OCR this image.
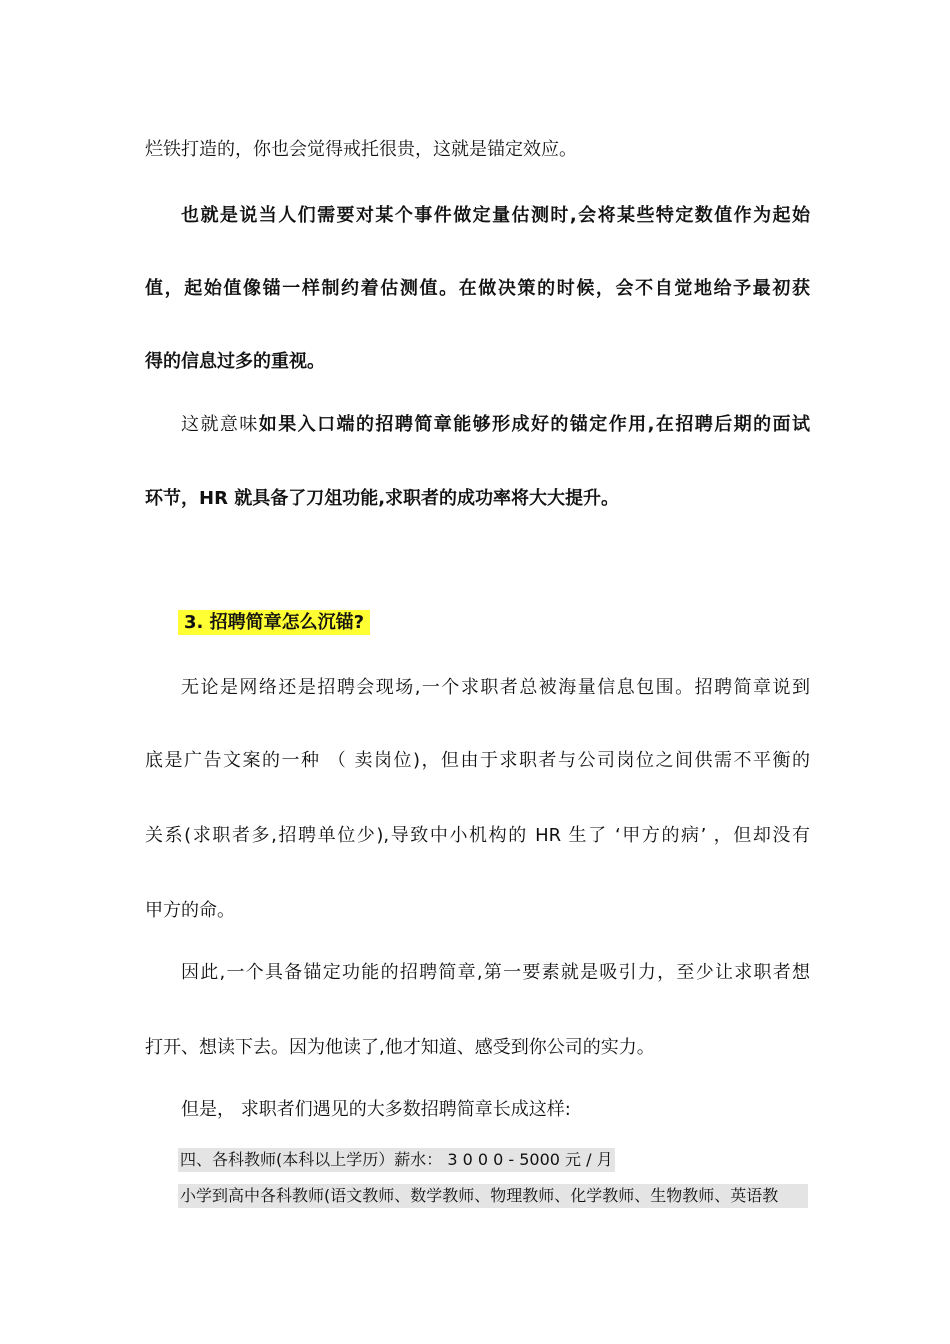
烂铁打造的，你也会觉得戒托很贵，这就是锚定效应。
也就是说当人们需要对某个事件做定量估测时,会将某些特定数值作为起始
值，起始值像锚一样制约着估测值。在做决策的时候，会不自觉地给予最初获
得的信息过多的重视。
这就意味如果入口端的招聘简章能够形成好的锚定作用,在招聘后期的面试
环节，HR 就具备了刀俎功能,求职者的成功率将大大提升。
3. 招聘简章怎么沉锚?
无论是网络还是招聘会现场,一个求职者总被海量信息包围。招聘简章说到
底是广告文案的一种 （ 卖岗位)，但由于求职者与公司岗位之间供需不平衡的
关系(求职者多,招聘单位少),导致中小机构的 HR 生了 ‘甲方的病’ ，但却没有
甲方的命。
因此,一个具备锚定功能的招聘简章,第一要素就是吸引力，至少让求职者想
打开、想读下去。因为他读了,他才知道、感受到你公司的实力。
但是， 求职者们遇见的大多数招聘简章长成这样:
四、各科教师(本科以上学历）薪水： 3 0 0 0 - 5000 元 / 月
小学到高中各科教师(语文教师、数学教师、物理教师、化学教师、生物教师、英语教
